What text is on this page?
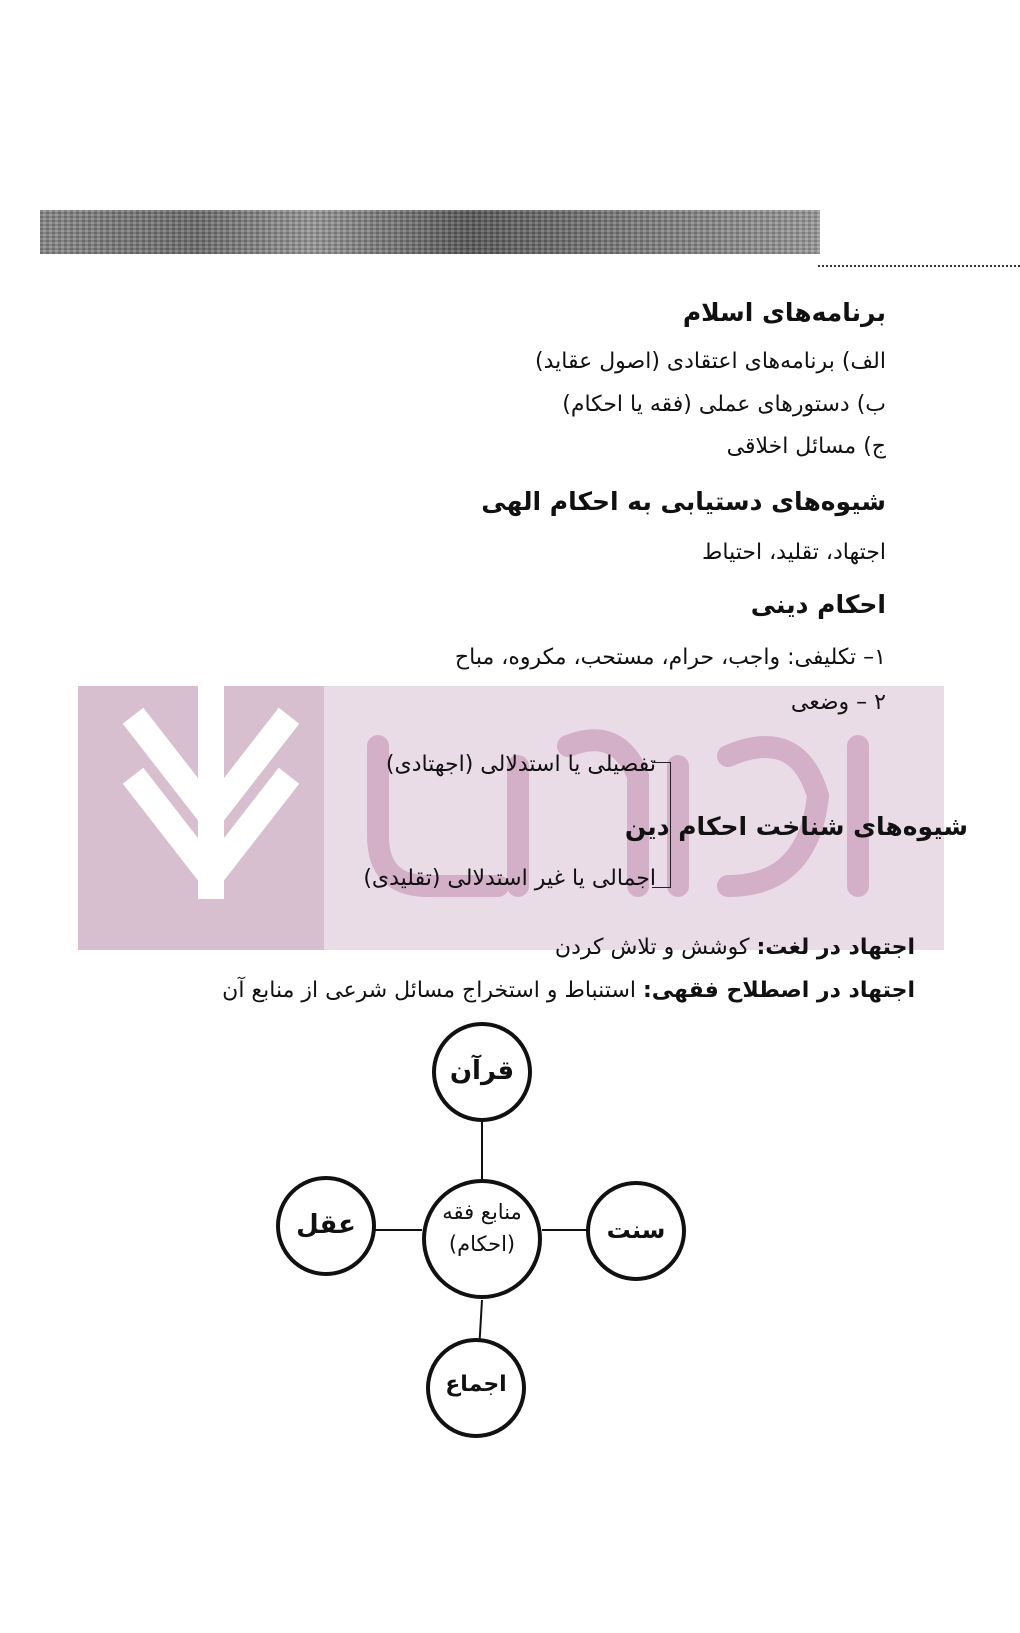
برنامه‌های اسلام
الف) برنامه‌های اعتقادی (اصول عقاید)
ب) دستورهای عملی (فقه یا احکام)
ج) مسائل اخلاقی
شیوه‌های دستیابی به احکام الهی
اجتهاد، تقلید، احتیاط
احکام دینی
۱– تکلیفی: واجب، حرام، مستحب، مکروه، مباح
۲ – وضعی
تفصیلی یا استدلالی (اجهتادی)
اجمالی یا غیر استدلالی (تقلیدی)
شیوه‌های شناخت احکام دین
اجتهاد در لغت: کوشش و تلاش کردن
اجتهاد در اصطلاح فقهی: استنباط و استخراج مسائل شرعی از منابع آن
قرآن
منابع فقه
(احکام)
عقل	سنت
اجماع
